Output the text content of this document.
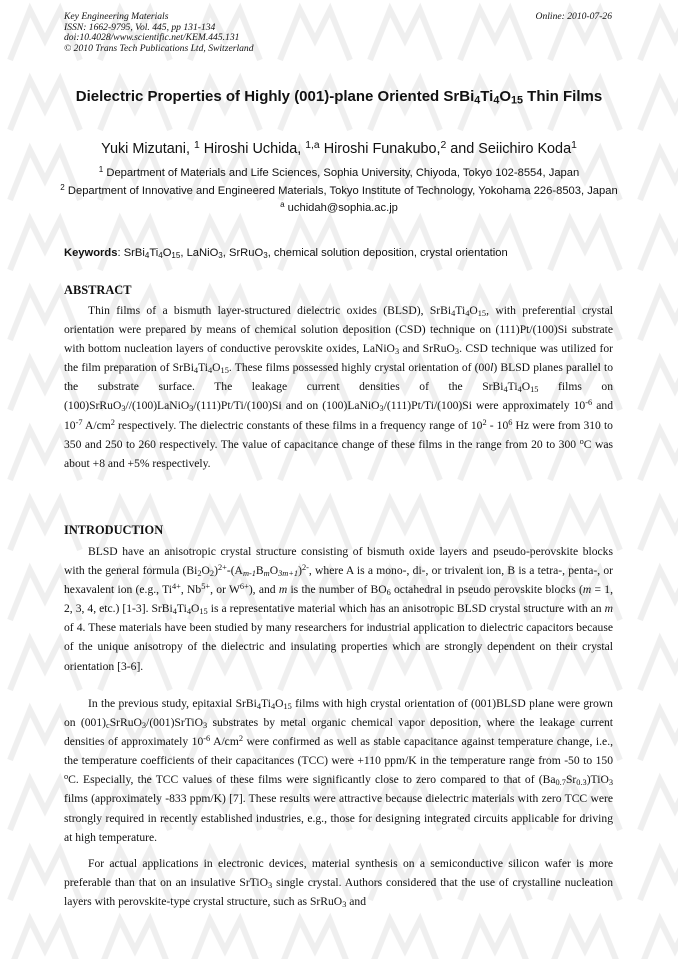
Key Engineering Materials
ISSN: 1662-9795, Vol. 445, pp 131-134
doi:10.4028/www.scientific.net/KEM.445.131
© 2010 Trans Tech Publications Ltd, Switzerland
Online: 2010-07-26
Dielectric Properties of Highly (001)-plane Oriented $SrBi_4Ti_4O_{15}$ Thin Films
Yuki Mizutani, $^1$ Hiroshi Uchida, $^{1,a}$ Hiroshi Funakubo,$^2$ and Seiichiro Koda$^1$
$^1$ Department of Materials and Life Sciences, Sophia University, Chiyoda, Tokyo 102-8554, Japan
$^2$ Department of Innovative and Engineered Materials, Tokyo Institute of Technology, Yokohama 226-8503, Japan
$^a$ uchidah@sophia.ac.jp
Keywords: $SrBi_4Ti_4O_{15}$, LaNiO$_3$, SrRuO$_3$, chemical solution deposition, crystal orientation
ABSTRACT
Thin films of a bismuth layer-structured dielectric oxides (BLSD), $SrBi_4Ti_4O_{15}$, with preferential crystal orientation were prepared by means of chemical solution deposition (CSD) technique on (111)Pt/(100)Si substrate with bottom nucleation layers of conductive perovskite oxides, LaNiO$_3$ and SrRuO$_3$. CSD technique was utilized for the film preparation of $SrBi_4Ti_4O_{15}$. These films possessed highly crystal orientation of (00l) BLSD planes parallel to the substrate surface. The leakage current densities of the $SrBi_4Ti_4O_{15}$ films on (100)SrRuO$_3$//(100)LaNiO$_3$/(111)Pt/Ti/(100)Si and on (100)LaNiO$_3$/(111)Pt/Ti/(100)Si were approximately $10^{-6}$ and $10^{-7}$ $A/cm^2$ respectively. The dielectric constants of these films in a frequency range of $10^2 - 10^6$ Hz were from 310 to 350 and 250 to 260 respectively. The value of capacitance change of these films in the range from 20 to 300 $^o$C was about +8 and +5% respectively.
INTRODUCTION
BLSD have an anisotropic crystal structure consisting of bismuth oxide layers and pseudo-perovskite blocks with the general formula $(Bi_2O_2)^{2+}-(A_{m-1}B_mO_{3m+1})^{2-}$, where A is a mono-, di-, or trivalent ion, B is a tetra-, penta-, or hexavalent ion (e.g., $Ti^{4+}$, $Nb^{5+}$, or $W^{6+}$), and m is the number of $BO_6$ octahedral in pseudo perovskite blocks (m = 1, 2, 3, 4, etc.) [1-3]. $SrBi_4Ti_4O_{15}$ is a representative material which has an anisotropic BLSD crystal structure with an m of 4. These materials have been studied by many researchers for industrial application to dielectric capacitors because of the unique anisotropy of the dielectric and insulating properties which are strongly dependent on their crystal orientation [3-6].
In the previous study, epitaxial $SrBi_4Ti_4O_{15}$ films with high crystal orientation of (001)BLSD plane were grown on $(001)_cSrRuO_3/(001)SrTiO_3$ substrates by metal organic chemical vapor deposition, where the leakage current densities of approximately $10^{-6}$ $A/cm^2$ were confirmed as well as stable capacitance against temperature change, i.e., the temperature coefficients of their capacitances (TCC) were +110 ppm/K in the temperature range from -50 to 150 $^o$C. Especially, the TCC values of these films were significantly close to zero compared to that of $(Ba_{0.7}Sr_{0.3})TiO_3$ films (approximately -833 ppm/K) [7]. These results were attractive because dielectric materials with zero TCC were strongly required in recently established industries, e.g., those for designing integrated circuits applicable for driving at high temperature.
For actual applications in electronic devices, material synthesis on a semiconductive silicon wafer is more preferable than that on an insulative SrTiO$_3$ single crystal. Authors considered that the use of crystalline nucleation layers with perovskite-type crystal structure, such as SrRuO$_3$ and
